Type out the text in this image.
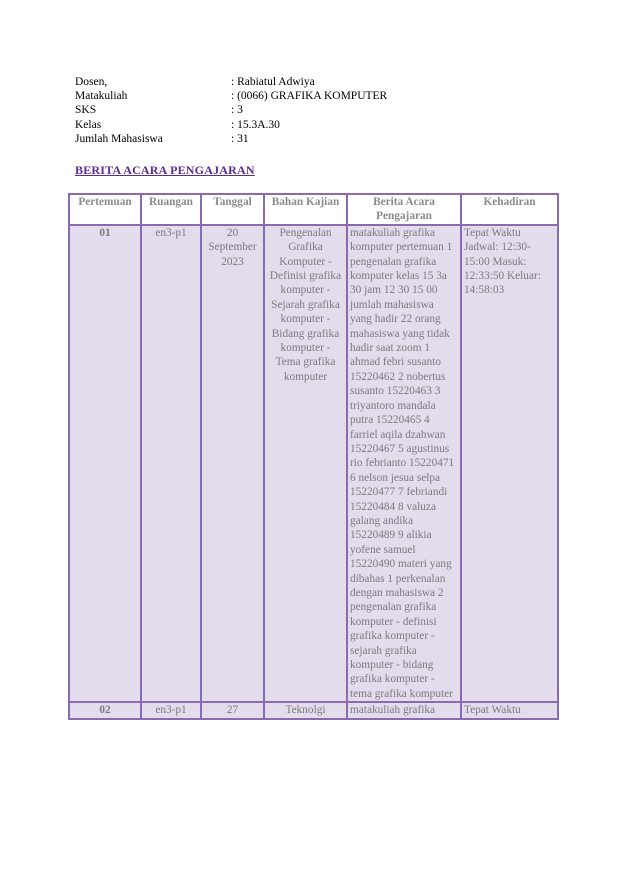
Dosen,	: Rabiatul Adwiya
Matakuliah	: (0066) GRAFIKA KOMPUTER
SKS	: 3
Kelas	: 15.3A.30
Jumlah Mahasiswa	: 31
BERITA ACARA PENGAJARAN
Pertemuan	Ruangan	Tanggal	Bahan Kajian	Berita Acara Pengajaran	Kehadiran
01	en3-p1	20 September 2023	Pengenalan Grafika Komputer - Definisi grafika komputer - Sejarah grafika komputer - Bidang grafika komputer - Tema grafika komputer	matakuliah grafika komputer pertemuan 1 pengenalan grafika komputer kelas 15 3a 30 jam 12 30 15 00 jumlah mahasiswa yang hadir 22 orang mahasiswa yang tidak hadir saat zoom 1 ahmad febri susanto 15220462 2 nobertus susanto 15220463 3 triyantoro mandala putra 15220465 4 farriel aqila dzahwan 15220467 5 agustinus rio febrianto 15220471 6 nelson jesua selpa 15220477 7 febriandi 15220484 8 valuza galang andika 15220489 9 alikia yofene samuel 15220490 materi yang dibahas 1 perkenalan dengan mahasiswa 2 pengenalan grafika komputer - definisi grafika komputer - sejarah grafika komputer - bidang grafika komputer - tema grafika komputer	Tepat Waktu Jadwal: 12:30-15:00 Masuk: 12:33:50 Keluar: 14:58:03
02	en3-p1	27	Teknolgi	matakuliah grafika	Tepat Waktu
